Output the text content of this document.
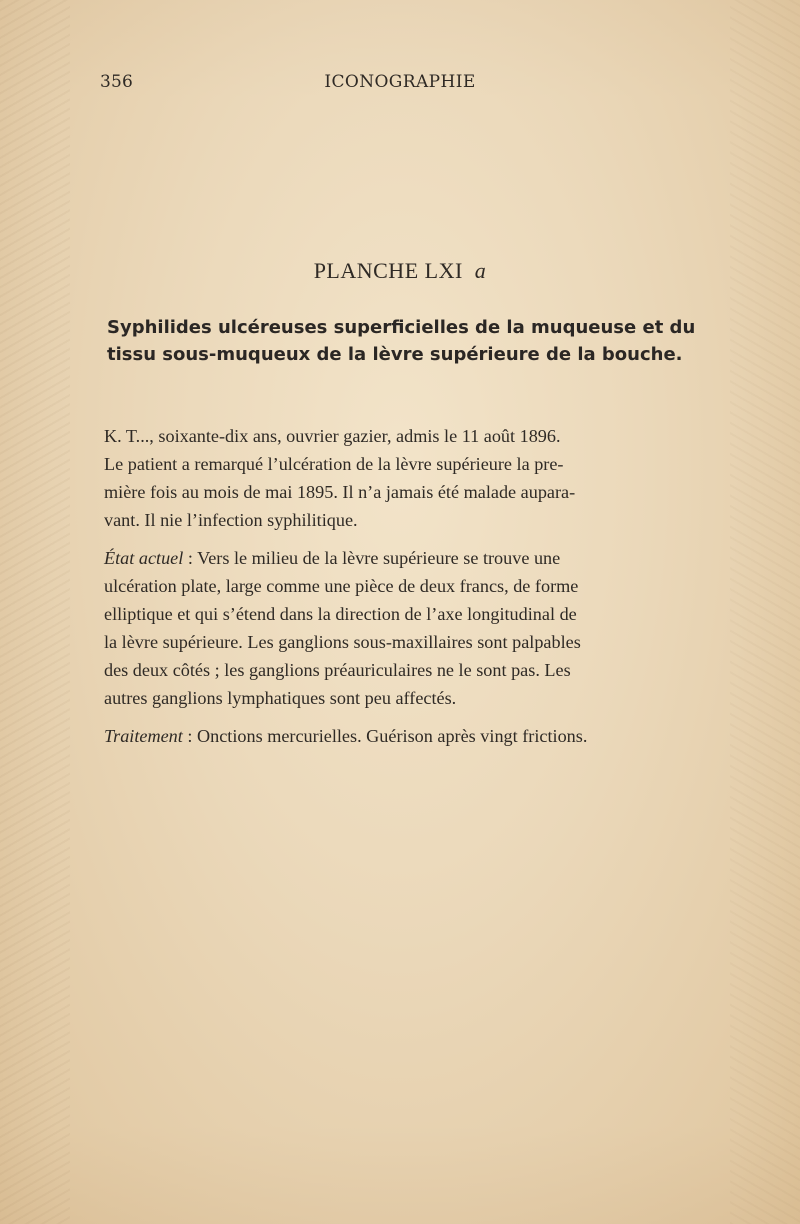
356	ICONOGRAPHIE
PLANCHE LXI a
Syphilides ulcéreuses superficielles de la muqueuse et du
tissu sous-muqueux de la lèvre supérieure de la bouche.
K. T..., soixante-dix ans, ouvrier gazier, admis le 11 août 1896.
Le patient a remarqué l’ulcération de la lèvre supérieure la pre-
mière fois au mois de mai 1895. Il n’a jamais été malade aupara-
vant. Il nie l’infection syphilitique.
État actuel : Vers le milieu de la lèvre supérieure se trouve une
ulcération plate, large comme une pièce de deux francs, de forme
elliptique et qui s’étend dans la direction de l’axe longitudinal de
la lèvre supérieure. Les ganglions sous-maxillaires sont palpables
des deux côtés ; les ganglions préauriculaires ne le sont pas. Les
autres ganglions lymphatiques sont peu affectés.
Traitement : Onctions mercurielles. Guérison après vingt frictions.
